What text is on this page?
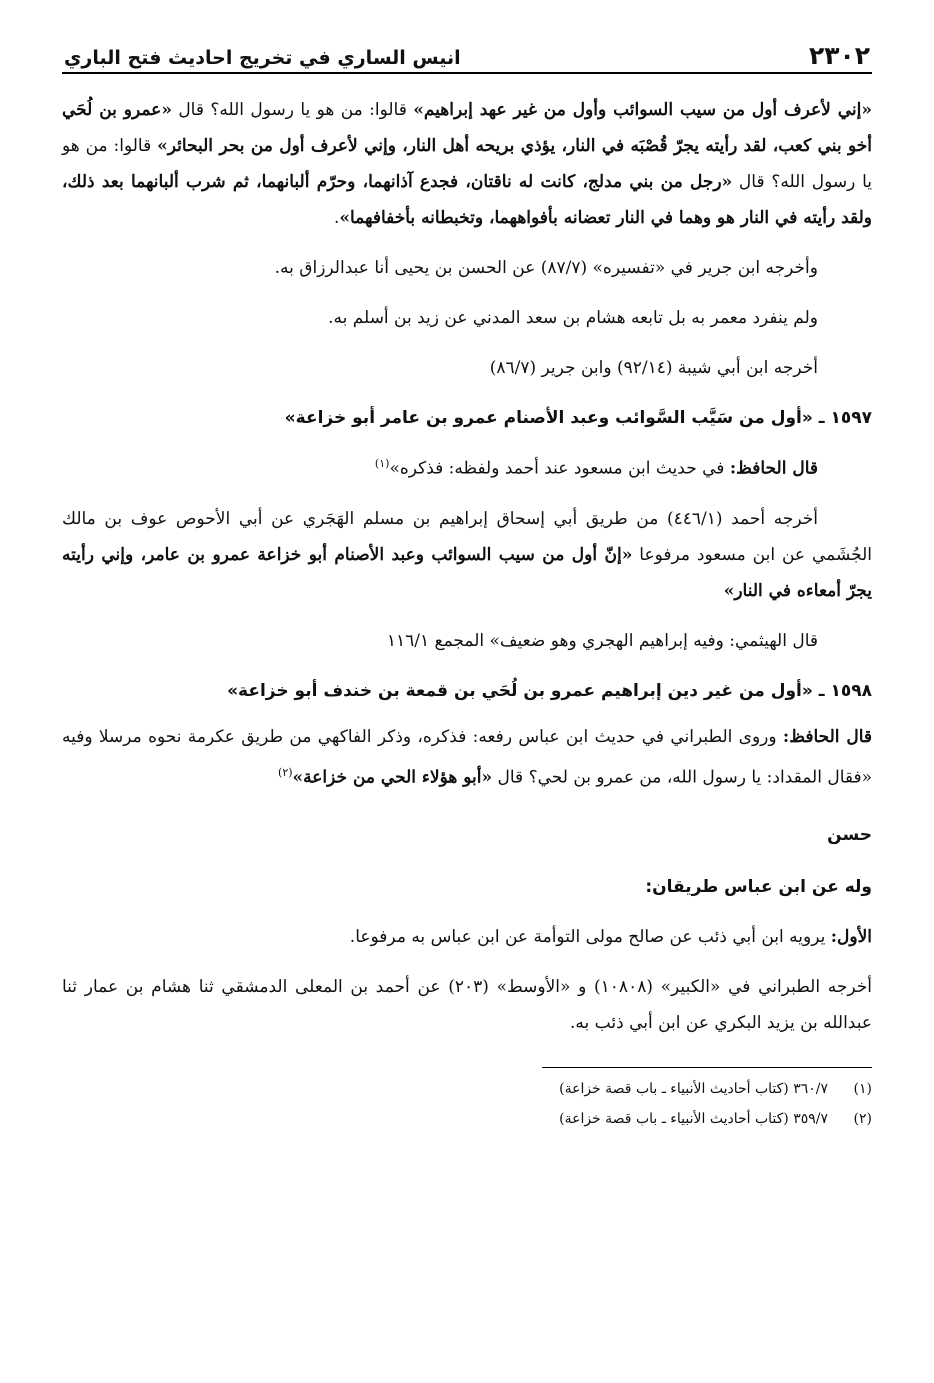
٢٣٠٢
انيس الساري في تخريج احاديث فتح الباري

«إني لأعرف أول من سيب السوائب وأول من غير عهد إبراهيم» قالوا: من هو يا رسول الله؟ قال «عمرو بن لُحَي أخو بني كعب، لقد رأيته يجرّ قُصْبَه في النار، يؤذي بريحه أهل النار، وإني لأعرف أول من بحر البحائر» قالوا: من هو يا رسول الله؟ قال «رجل من بني مدلج، كانت له ناقتان، فجدع آذانهما، وحرّم ألبانهما، ثم شرب ألبانهما بعد ذلك، ولقد رأيته في النار هو وهما في النار تعضانه بأفواههما، وتخبطانه بأخفافهما».

وأخرجه ابن جرير في «تفسيره» (٨٧/٧) عن الحسن بن يحيى أنا عبدالرزاق به.

ولم ينفرد معمر به بل تابعه هشام بن سعد المدني عن زيد بن أسلم به.

أخرجه ابن أبي شيبة (٩٢/١٤) وابن جرير (٨٦/٧)

١٥٩٧ ـ «أول من سَيَّب السَّوائب وعبد الأصنام عمرو بن عامر أبو خزاعة»

قال الحافظ: في حديث ابن مسعود عند أحمد ولفظه: فذكره»$^{(١)}$

أخرجه أحمد (٤٤٦/١) من طريق أبي إسحاق إبراهيم بن مسلم الهَجَري عن أبي الأحوص عوف بن مالك الجُشَمي عن ابن مسعود مرفوعا «إنّ أول من سيب السوائب وعبد الأصنام أبو خزاعة عمرو بن عامر، وإني رأيته يجرّ أمعاءه في النار»

قال الهيثمي: وفيه إبراهيم الهجري وهو ضعيف» المجمع ١١٦/١

١٥٩٨ ـ «أول من غير دين إبراهيم عمرو بن لُحَي بن قمعة بن خندف أبو خزاعة»

قال الحافظ: وروى الطبراني في حديث ابن عباس رفعه: فذكره، وذكر الفاكهي من طريق عكرمة نحوه مرسلا وفيه «فقال المقداد: يا رسول الله، من عمرو بن لحي؟ قال «أبو هؤلاء الحي من خزاعة»$^{(٢)}$

حسن

وله عن ابن عباس طريقان:

الأول: يرويه ابن أبي ذئب عن صالح مولى التوأمة عن ابن عباس به مرفوعا.

أخرجه الطبراني في «الكبير» (١٠٨٠٨) و «الأوسط» (٢٠٣) عن أحمد بن المعلى الدمشقي ثنا هشام بن عمار ثنا عبدالله بن يزيد البكري عن ابن أبي ذئب به.

(١)
٣٦٠/٧ (كتاب أحاديث الأنبياء ـ باب قصة خزاعة)
(٢)
٣٥٩/٧ (كتاب أحاديث الأنبياء ـ باب قصة خزاعة)
